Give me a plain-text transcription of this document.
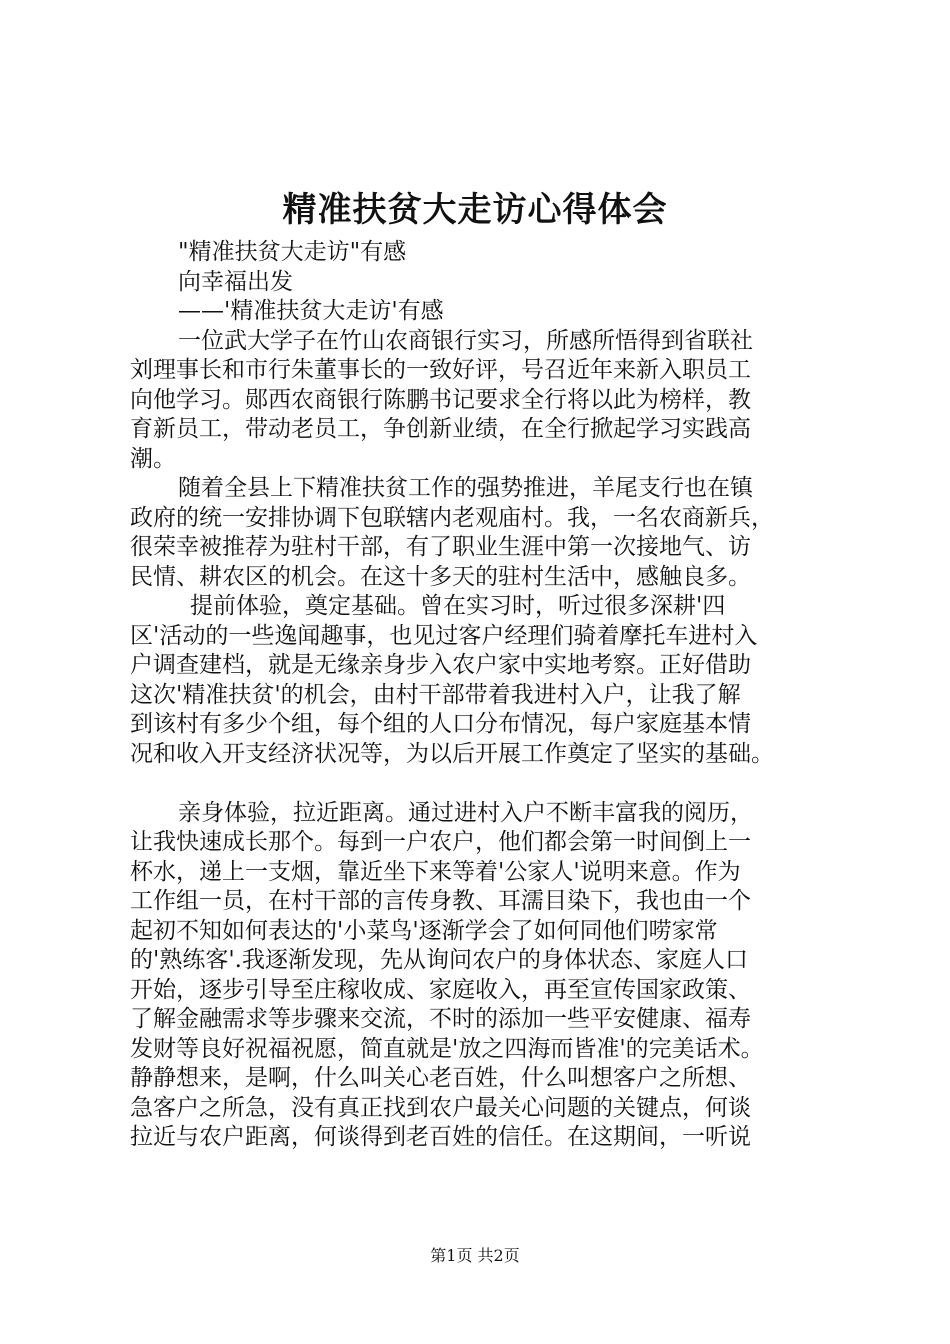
精准扶贫大走访心得体会
"精准扶贫大走访"有感
向幸福出发
——'精准扶贫大走访'有感
一位武大学子在竹山农商银行实习，所感所悟得到省联社
刘理事长和市行朱董事长的一致好评，号召近年来新入职员工
向他学习。郧西农商银行陈鹏书记要求全行将以此为榜样，教
育新员工，带动老员工，争创新业绩，在全行掀起学习实践高
潮。
随着全县上下精准扶贫工作的强势推进，羊尾支行也在镇
政府的统一安排协调下包联辖内老观庙村。我，一名农商新兵，
很荣幸被推荐为驻村干部，有了职业生涯中第一次接地气、访
民情、耕农区的机会。在这十多天的驻村生活中，感触良多。
提前体验，奠定基础。曾在实习时，听过很多深耕'四
区'活动的一些逸闻趣事，也见过客户经理们骑着摩托车进村入
户调查建档，就是无缘亲身步入农户家中实地考察。正好借助
这次'精准扶贫'的机会，由村干部带着我进村入户，让我了解
到该村有多少个组，每个组的人口分布情况，每户家庭基本情
况和收入开支经济状况等，为以后开展工作奠定了坚实的基础。
亲身体验，拉近距离。通过进村入户不断丰富我的阅历，
让我快速成长那个。每到一户农户，他们都会第一时间倒上一
杯水，递上一支烟，靠近坐下来等着'公家人'说明来意。作为
工作组一员，在村干部的言传身教、耳濡目染下，我也由一个
起初不知如何表达的'小菜鸟'逐渐学会了如何同他们唠家常
的'熟练客'.我逐渐发现，先从询问农户的身体状态、家庭人口
开始，逐步引导至庄稼收成、家庭收入，再至宣传国家政策、
了解金融需求等步骤来交流，不时的添加一些平安健康、福寿
发财等良好祝福祝愿，简直就是'放之四海而皆准'的完美话术。
静静想来，是啊，什么叫关心老百姓，什么叫想客户之所想、
急客户之所急，没有真正找到农户最关心问题的关键点，何谈
拉近与农户距离，何谈得到老百姓的信任。在这期间，一听说
第1页 共2页
